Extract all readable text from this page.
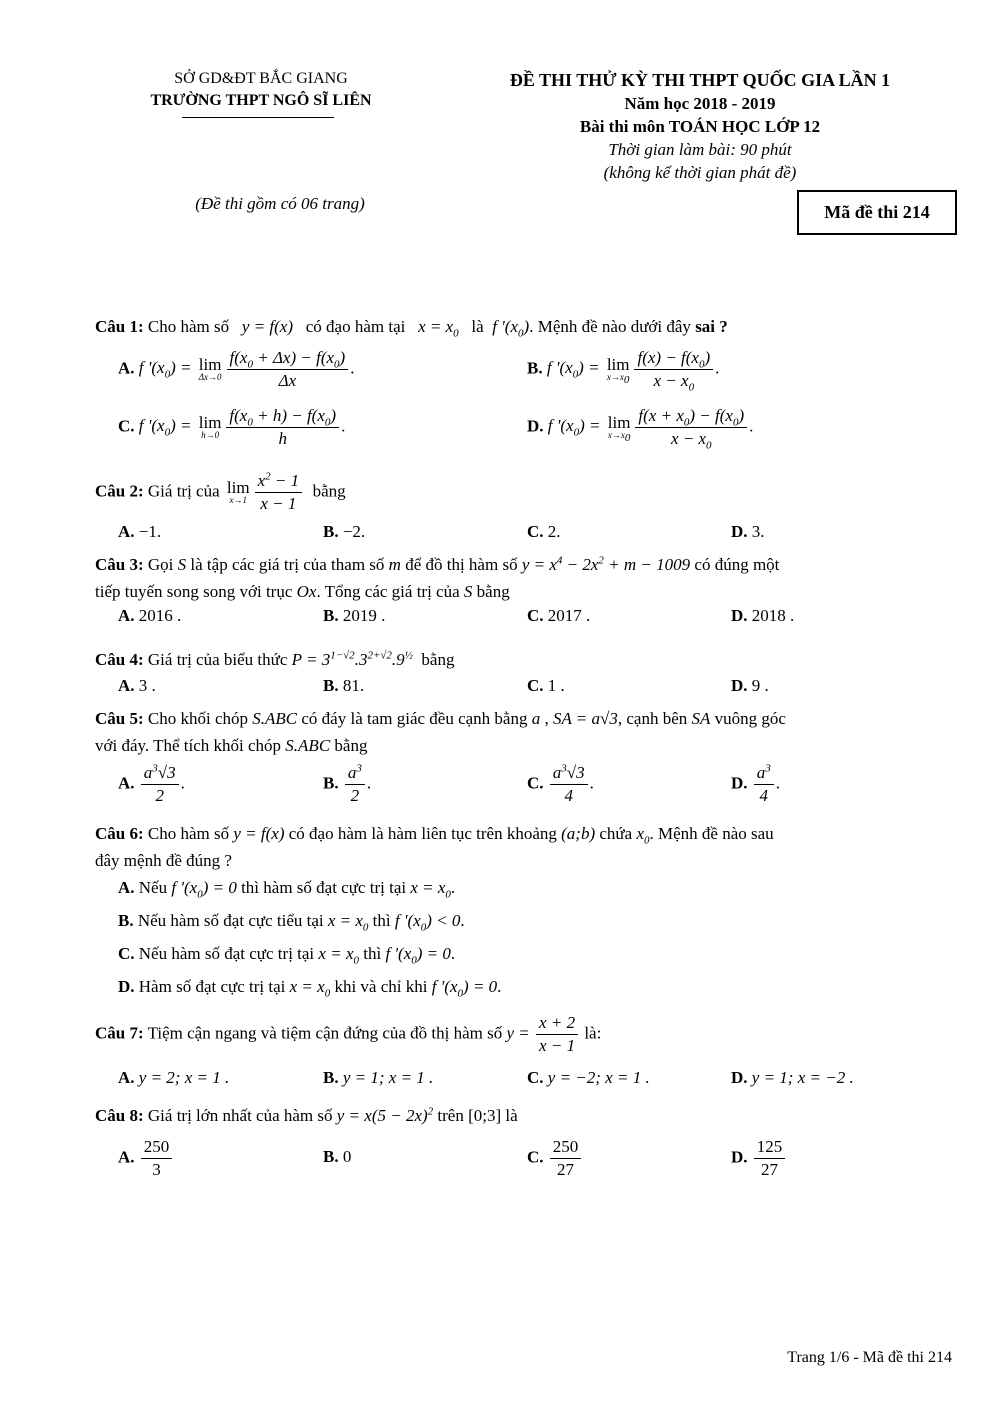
SỞ GD&ĐT BẮC GIANG
TRƯỜNG THPT NGÔ SĨ LIÊN
(Đề thi gồm có 06 trang)
ĐỀ THI THỬ KỲ THI THPT QUỐC GIA LẦN 1
Năm học 2018 - 2019
Bài thi môn TOÁN HỌC LỚP 12
Thời gian làm bài: 90 phút
(không kể thời gian phát đề)
Mã đề thi 214
Câu 1: Cho hàm số   y = f(x)   có đạo hàm tại   $x = x_0$ là  f '$(x_0)$. Mệnh đề nào dưới đây sai ?
A. f '$(x_0) = \lim$
$\Delta x\to 0 \frac{f(x_0 + \Delta x) - f(x_0)}{\Delta x}$ .	B. f '$(x_0) = \lim$
$x\to x_0 \frac{f(x) - f(x_0)}{x - x_0}$ .
C. f '$(x_0) = \lim$
$h\to 0 \frac{f(x_0 + h) - f(x_0)}{h}$ .	D. f '$(x_0) = \lim$
$x\to x_0 \frac{f(x + x_0) - f(x_0)}{x - x_0}$ .
Câu 2: Giá trị của lim
$x\to 1 \frac{x^2 - 1}{x - 1}$ bằng
A. −1.	B. −2.	C. 2.	D. 3.
Câu 3: Gọi S là tập các giá trị của tham số m để đồ thị hàm số $y = x^4 - 2x^2 + m - 1009$ có đúng một
tiếp tuyến song song với trục Ox. Tổng các giá trị của S bằng
A. 2016 .	B. 2019 .	C. 2017 .	D. 2018 .
Câu 4: Giá trị của biểu thức $P = 3^{1-√2}.3^{2+√2}.9^{\frac{1}{2}}$ bằng
A. 3 .	B. 81.	C. 1 .	D. 9 .
Câu 5: Cho khối chóp S.ABC có đáy là tam giác đều cạnh bằng a , SA = a√3, cạnh bên SA vuông góc
với đáy. Thể tích khối chóp S.ABC bằng
A. $\frac{a^3√3}{2}$ .	B. $\frac{a^3}{2}$ .	C. $\frac{a^3√3}{4}$ .	D. $\frac{a^3}{4}$ .
Câu 6: Cho hàm số y = f(x) có đạo hàm là hàm liên tục trên khoảng (a;b) chứa $x_0$. Mệnh đề nào sau
đây mệnh đề đúng ?
A. Nếu f '$(x_0) = 0$ thì hàm số đạt cực trị tại $x = x_0$.
B. Nếu hàm số đạt cực tiểu tại $x = x_0$ thì f '$(x_0) < 0$.
C. Nếu hàm số đạt cực trị tại $x = x_0$ thì f '$(x_0) = 0$.
D. Hàm số đạt cực trị tại $x = x_0$ khi và chỉ khi f '$(x_0) = 0$.
Câu 7: Tiệm cận ngang và tiệm cận đứng của đồ thị hàm số $y = \frac{x + 2}{x - 1}$ là:
A. y = 2; x = 1 .	B. y = 1; x = 1 .	C. y = −2; x = 1 .	D. y = 1; x = −2 .
Câu 8: Giá trị lớn nhất của hàm số $y = x(5 - 2x)^2$ trên [0;3] là
A. $\frac{250}{3}$	B. 0	C. $\frac{250}{27}$	D. $\frac{125}{27}$
Trang 1/6 - Mã đề thi 214
